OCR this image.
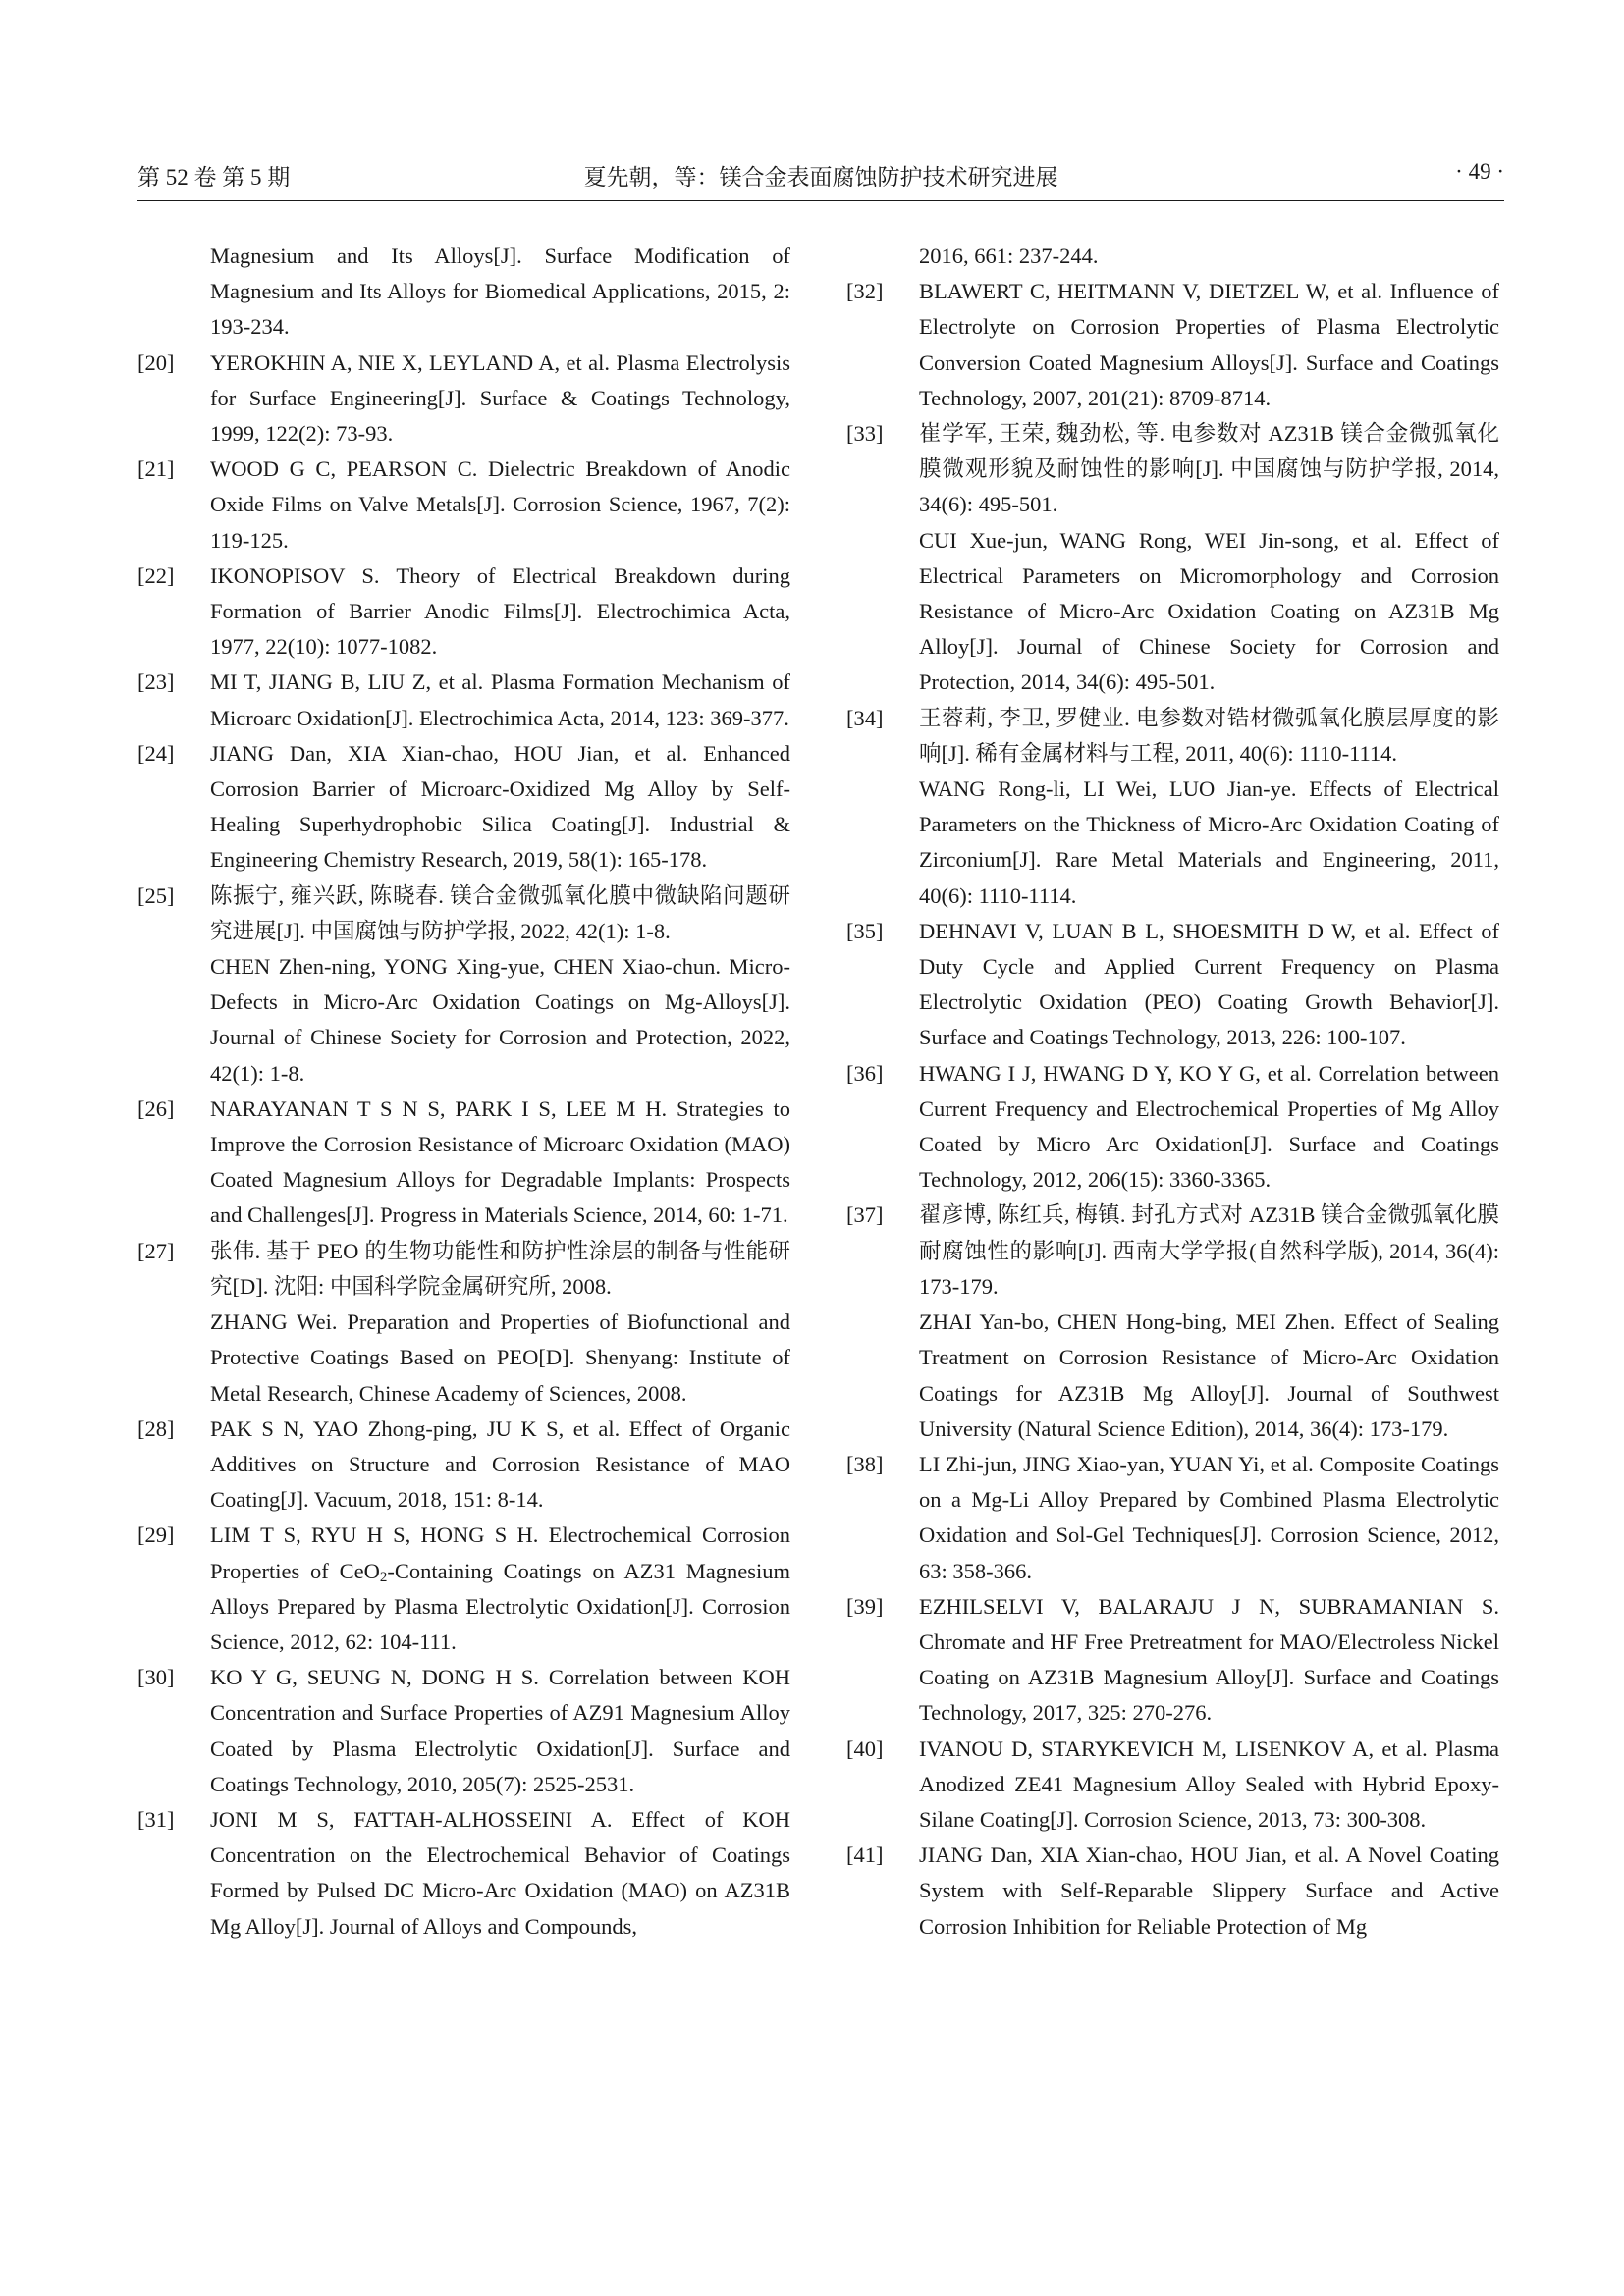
第 52 卷 第 5 期	夏先朝，等：镁合金表面腐蚀防护技术研究进展	· 49 ·
Magnesium and Its Alloys[J]. Surface Modification of Magnesium and Its Alloys for Biomedical Applications, 2015, 2: 193-234.
[20]	YEROKHIN A, NIE X, LEYLAND A, et al. Plasma Electrolysis for Surface Engineering[J]. Surface & Coatings Technology, 1999, 122(2): 73-93.
[21]	WOOD G C, PEARSON C. Dielectric Breakdown of Anodic Oxide Films on Valve Metals[J]. Corrosion Science, 1967, 7(2): 119-125.
[22]	IKONOPISOV S. Theory of Electrical Breakdown during Formation of Barrier Anodic Films[J]. Electrochimica Acta, 1977, 22(10): 1077-1082.
[23]	MI T, JIANG B, LIU Z, et al. Plasma Formation Mechanism of Microarc Oxidation[J]. Electrochimica Acta, 2014, 123: 369-377.
[24]	JIANG Dan, XIA Xian-chao, HOU Jian, et al. Enhanced Corrosion Barrier of Microarc-Oxidized Mg Alloy by Self-Healing Superhydrophobic Silica Coating[J]. Industrial & Engineering Chemistry Research, 2019, 58(1): 165-178.
[25]	陈振宁, 雍兴跃, 陈晓春. 镁合金微弧氧化膜中微缺陷问题研究进展[J]. 中国腐蚀与防护学报, 2022, 42(1): 1-8.
CHEN Zhen-ning, YONG Xing-yue, CHEN Xiao-chun. Micro-Defects in Micro-Arc Oxidation Coatings on Mg-Alloys[J]. Journal of Chinese Society for Corrosion and Protection, 2022, 42(1): 1-8.
[26]	NARAYANAN T S N S, PARK I S, LEE M H. Strategies to Improve the Corrosion Resistance of Microarc Oxidation (MAO) Coated Magnesium Alloys for Degradable Implants: Prospects and Challenges[J]. Progress in Materials Science, 2014, 60: 1-71.
[27]	张伟. 基于 PEO 的生物功能性和防护性涂层的制备与性能研究[D]. 沈阳: 中国科学院金属研究所, 2008.
ZHANG Wei. Preparation and Properties of Biofunctional and Protective Coatings Based on PEO[D]. Shenyang: Institute of Metal Research, Chinese Academy of Sciences, 2008.
[28]	PAK S N, YAO Zhong-ping, JU K S, et al. Effect of Organic Additives on Structure and Corrosion Resistance of MAO Coating[J]. Vacuum, 2018, 151: 8-14.
[29]	LIM T S, RYU H S, HONG S H. Electrochemical Corrosion Properties of CeO$_2$-Containing Coatings on AZ31 Magnesium Alloys Prepared by Plasma Electrolytic Oxidation[J]. Corrosion Science, 2012, 62: 104-111.
[30]	KO Y G, SEUNG N, DONG H S. Correlation between KOH Concentration and Surface Properties of AZ91 Magnesium Alloy Coated by Plasma Electrolytic Oxidation[J]. Surface and Coatings Technology, 2010, 205(7): 2525-2531.
[31]	JONI M S, FATTAH-ALHOSSEINI A. Effect of KOH Concentration on the Electrochemical Behavior of Coatings Formed by Pulsed DC Micro-Arc Oxidation (MAO) on AZ31B Mg Alloy[J]. Journal of Alloys and Compounds,
2016, 661: 237-244.
[32]	BLAWERT C, HEITMANN V, DIETZEL W, et al. Influence of Electrolyte on Corrosion Properties of Plasma Electrolytic Conversion Coated Magnesium Alloys[J]. Surface and Coatings Technology, 2007, 201(21): 8709-8714.
[33]	崔学军, 王荣, 魏劲松, 等. 电参数对 AZ31B 镁合金微弧氧化膜微观形貌及耐蚀性的影响[J]. 中国腐蚀与防护学报, 2014, 34(6): 495-501.
CUI Xue-jun, WANG Rong, WEI Jin-song, et al. Effect of Electrical Parameters on Micromorphology and Corrosion Resistance of Micro-Arc Oxidation Coating on AZ31B Mg Alloy[J]. Journal of Chinese Society for Corrosion and Protection, 2014, 34(6): 495-501.
[34]	王蓉莉, 李卫, 罗健业. 电参数对锆材微弧氧化膜层厚度的影响[J]. 稀有金属材料与工程, 2011, 40(6): 1110-1114.
WANG Rong-li, LI Wei, LUO Jian-ye. Effects of Electrical Parameters on the Thickness of Micro-Arc Oxidation Coating of Zirconium[J]. Rare Metal Materials and Engineering, 2011, 40(6): 1110-1114.
[35]	DEHNAVI V, LUAN B L, SHOESMITH D W, et al. Effect of Duty Cycle and Applied Current Frequency on Plasma Electrolytic Oxidation (PEO) Coating Growth Behavior[J]. Surface and Coatings Technology, 2013, 226: 100-107.
[36]	HWANG I J, HWANG D Y, KO Y G, et al. Correlation between Current Frequency and Electrochemical Properties of Mg Alloy Coated by Micro Arc Oxidation[J]. Surface and Coatings Technology, 2012, 206(15): 3360-3365.
[37]	翟彦博, 陈红兵, 梅镇. 封孔方式对 AZ31B 镁合金微弧氧化膜耐腐蚀性的影响[J]. 西南大学学报(自然科学版), 2014, 36(4): 173-179.
ZHAI Yan-bo, CHEN Hong-bing, MEI Zhen. Effect of Sealing Treatment on Corrosion Resistance of Micro-Arc Oxidation Coatings for AZ31B Mg Alloy[J]. Journal of Southwest University (Natural Science Edition), 2014, 36(4): 173-179.
[38]	LI Zhi-jun, JING Xiao-yan, YUAN Yi, et al. Composite Coatings on a Mg-Li Alloy Prepared by Combined Plasma Electrolytic Oxidation and Sol-Gel Techniques[J]. Corrosion Science, 2012, 63: 358-366.
[39]	EZHILSELVI V, BALARAJU J N, SUBRAMANIAN S. Chromate and HF Free Pretreatment for MAO/Electroless Nickel Coating on AZ31B Magnesium Alloy[J]. Surface and Coatings Technology, 2017, 325: 270-276.
[40]	IVANOU D, STARYKEVICH M, LISENKOV A, et al. Plasma Anodized ZE41 Magnesium Alloy Sealed with Hybrid Epoxy-Silane Coating[J]. Corrosion Science, 2013, 73: 300-308.
[41]	JIANG Dan, XIA Xian-chao, HOU Jian, et al. A Novel Coating System with Self-Reparable Slippery Surface and Active Corrosion Inhibition for Reliable Protection of Mg
